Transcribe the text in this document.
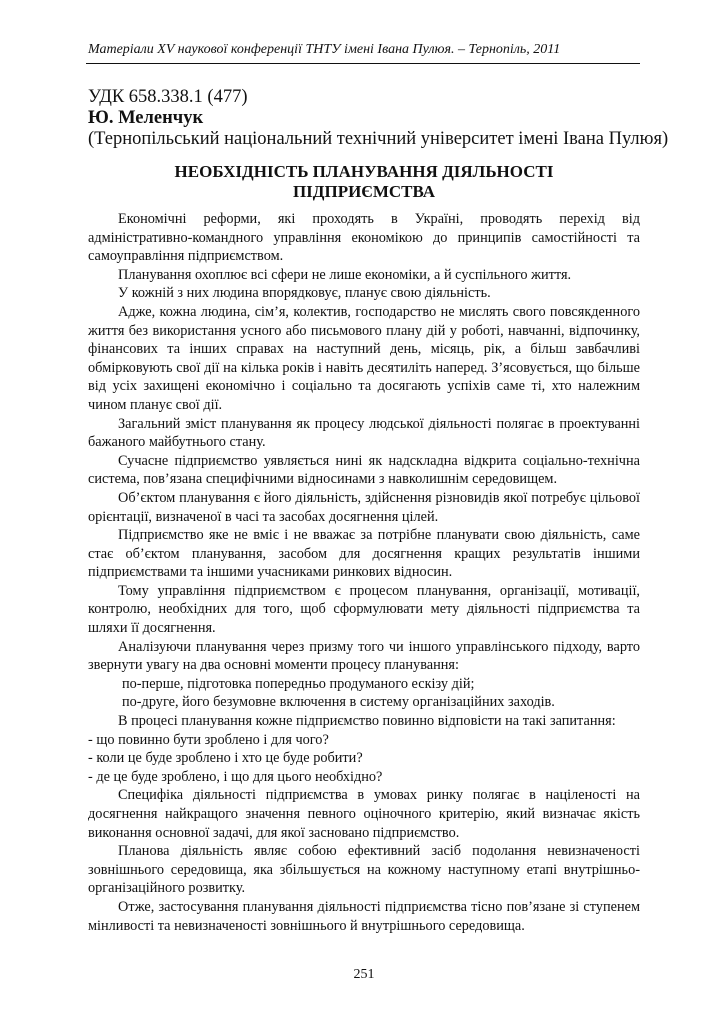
Матеріали XV наукової конференції ТНТУ імені Івана Пулюя. – Тернопіль, 2011
УДК 658.338.1 (477)
Ю. Меленчук
(Тернопільський національний технічний університет імені Івана Пулюя)
НЕОБХІДНІСТЬ ПЛАНУВАННЯ ДІЯЛЬНОСТІ
ПІДПРИЄМСТВА

Економічні реформи, які проходять в Україні, проводять перехід від адміністративно-командного управління економікою до принципів самостійності та самоуправління підприємством.

Планування охоплює всі сфери не лише економіки, а й суспільного життя.

У кожній з них людина впорядковує, планує свою діяльність.

Адже, кожна людина, сім’я, колектив, господарство не мислять свого повсякденного життя без використання усного або письмового плану дій у роботі, навчанні, відпочинку, фінансових та інших справах на наступний день, місяць, рік, а більш завбачливі обмірковують свої дії на кілька років і навіть десятиліть наперед. З’ясовується, що більше від усіх захищені економічно і соціально та досягають успіхів саме ті, хто належним чином планує свої дії.

Загальний зміст планування як процесу людської діяльності полягає в проектуванні бажаного майбутнього стану.

Сучасне підприємство уявляється нині як надскладна відкрита соціально-технічна система, пов’язана специфічними відносинами з навколишнім середовищем.

Об’єктом планування є його діяльність, здійснення різновидів якої потребує цільової орієнтації, визначеної в часі та засобах досягнення цілей.

Підприємство яке не вміє і не вважає за потрібне планувати свою діяльність, саме стає об’єктом планування, засобом для досягнення кращих результатів іншими підприємствами та іншими учасниками ринкових відносин.

Тому управління підприємством є процесом планування, організації, мотивації, контролю, необхідних для того, щоб сформулювати мету діяльності підприємства та шляхи її досягнення.

Аналізуючи планування через призму того чи іншого управлінського підходу, варто звернути увагу на два основні моменти процесу планування:

по-перше, підготовка попередньо продуманого ескізу дій;

по-друге, його безумовне включення в систему організаційних заходів.

В процесі планування кожне підприємство повинно відповісти на такі запитання:

- що повинно бути зроблено і для чого?

- коли це буде зроблено і хто це буде робити?

- де це буде зроблено, і що для цього необхідно?

Специфіка діяльності підприємства в умовах ринку полягає в націленості на досягнення найкращого значення певного оціночного критерію, який визначає якість виконання основної задачі, для якої засновано підприємство.

Планова діяльність являє собою ефективний засіб подолання невизначеності зовнішнього середовища, яка збільшується на кожному наступному етапі внутрішньо-організаційного розвитку.

Отже, застосування планування діяльності підприємства тісно пов’язане зі ступенем мінливості та невизначеності зовнішнього й внутрішнього середовища.

251
